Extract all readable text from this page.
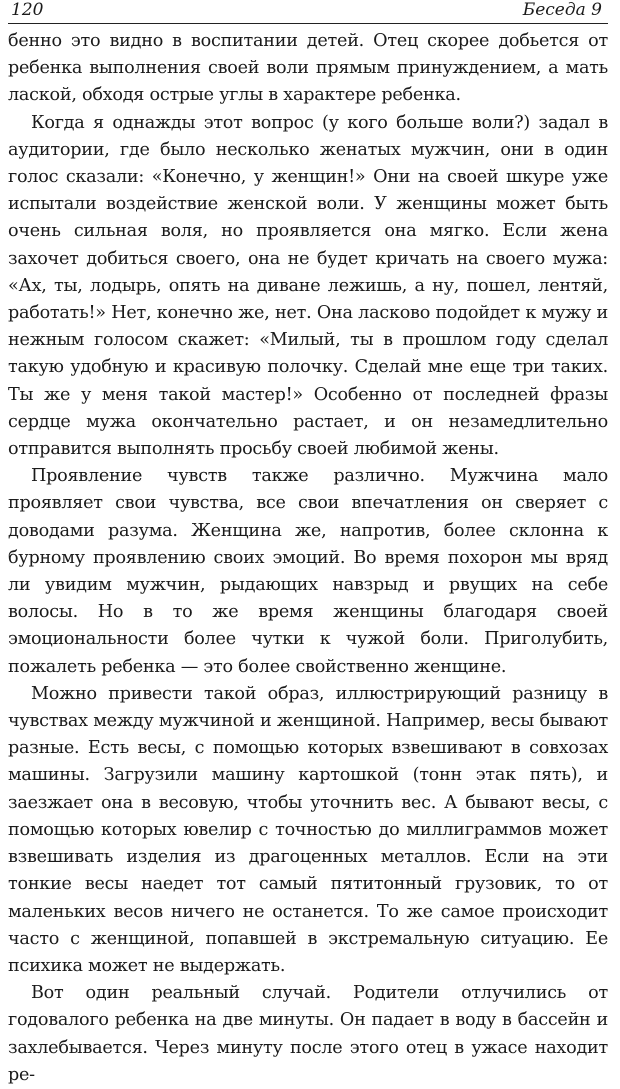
120	Беседа 9

бенно это видно в воспитании детей. Отец скорее добьется от ребенка выполнения своей воли прямым принуждением, а мать лаской, обходя острые углы в характере ребенка.

Когда я однажды этот вопрос (у кого больше воли?) задал в аудитории, где было несколько женатых мужчин, они в один голос сказали: «Конечно, у женщин!» Они на своей шкуре уже испытали воздействие женской воли. У женщины может быть очень сильная воля, но проявляется она мягко. Если жена захочет добиться своего, она не будет кричать на своего мужа: «Ах, ты, лодырь, опять на диване лежишь, а ну, пошел, лентяй, работать!» Нет, конечно же, нет. Она ласково подойдет к мужу и нежным голосом скажет: «Милый, ты в прошлом году сделал такую удобную и красивую полочку. Сделай мне еще три таких. Ты же у меня такой мастер!» Особенно от последней фразы сердце мужа окончательно растает, и он незамедлительно отправится выполнять просьбу своей любимой жены.

Проявление чувств также различно. Мужчина мало проявляет свои чувства, все свои впечатления он сверяет с доводами разума. Женщина же, напротив, более склонна к бурному проявлению своих эмоций. Во время похорон мы вряд ли увидим мужчин, рыдающих навзрыд и рвущих на себе волосы. Но в то же время женщины благодаря своей эмоциональности более чутки к чужой боли. Приголубить, пожалеть ребенка — это более свойственно женщине.

Можно привести такой образ, иллюстрирующий разницу в чувствах между мужчиной и женщиной. Например, весы бывают разные. Есть весы, с помощью которых взвешивают в совхозах машины. Загрузили машину картошкой (тонн этак пять), и заезжает она в весовую, чтобы уточнить вес. А бывают весы, с помощью которых ювелир с точностью до миллиграммов может взвешивать изделия из драгоценных металлов. Если на эти тонкие весы наедет тот самый пятитонный грузовик, то от маленьких весов ничего не останется. То же самое происходит часто с женщиной, попавшей в экстремальную ситуацию. Ее психика может не выдержать.

Вот один реальный случай. Родители отлучились от годовалого ребенка на две минуты. Он падает в воду в бассейн и захлебывается. Через минуту после этого отец в ужасе находит ре-
